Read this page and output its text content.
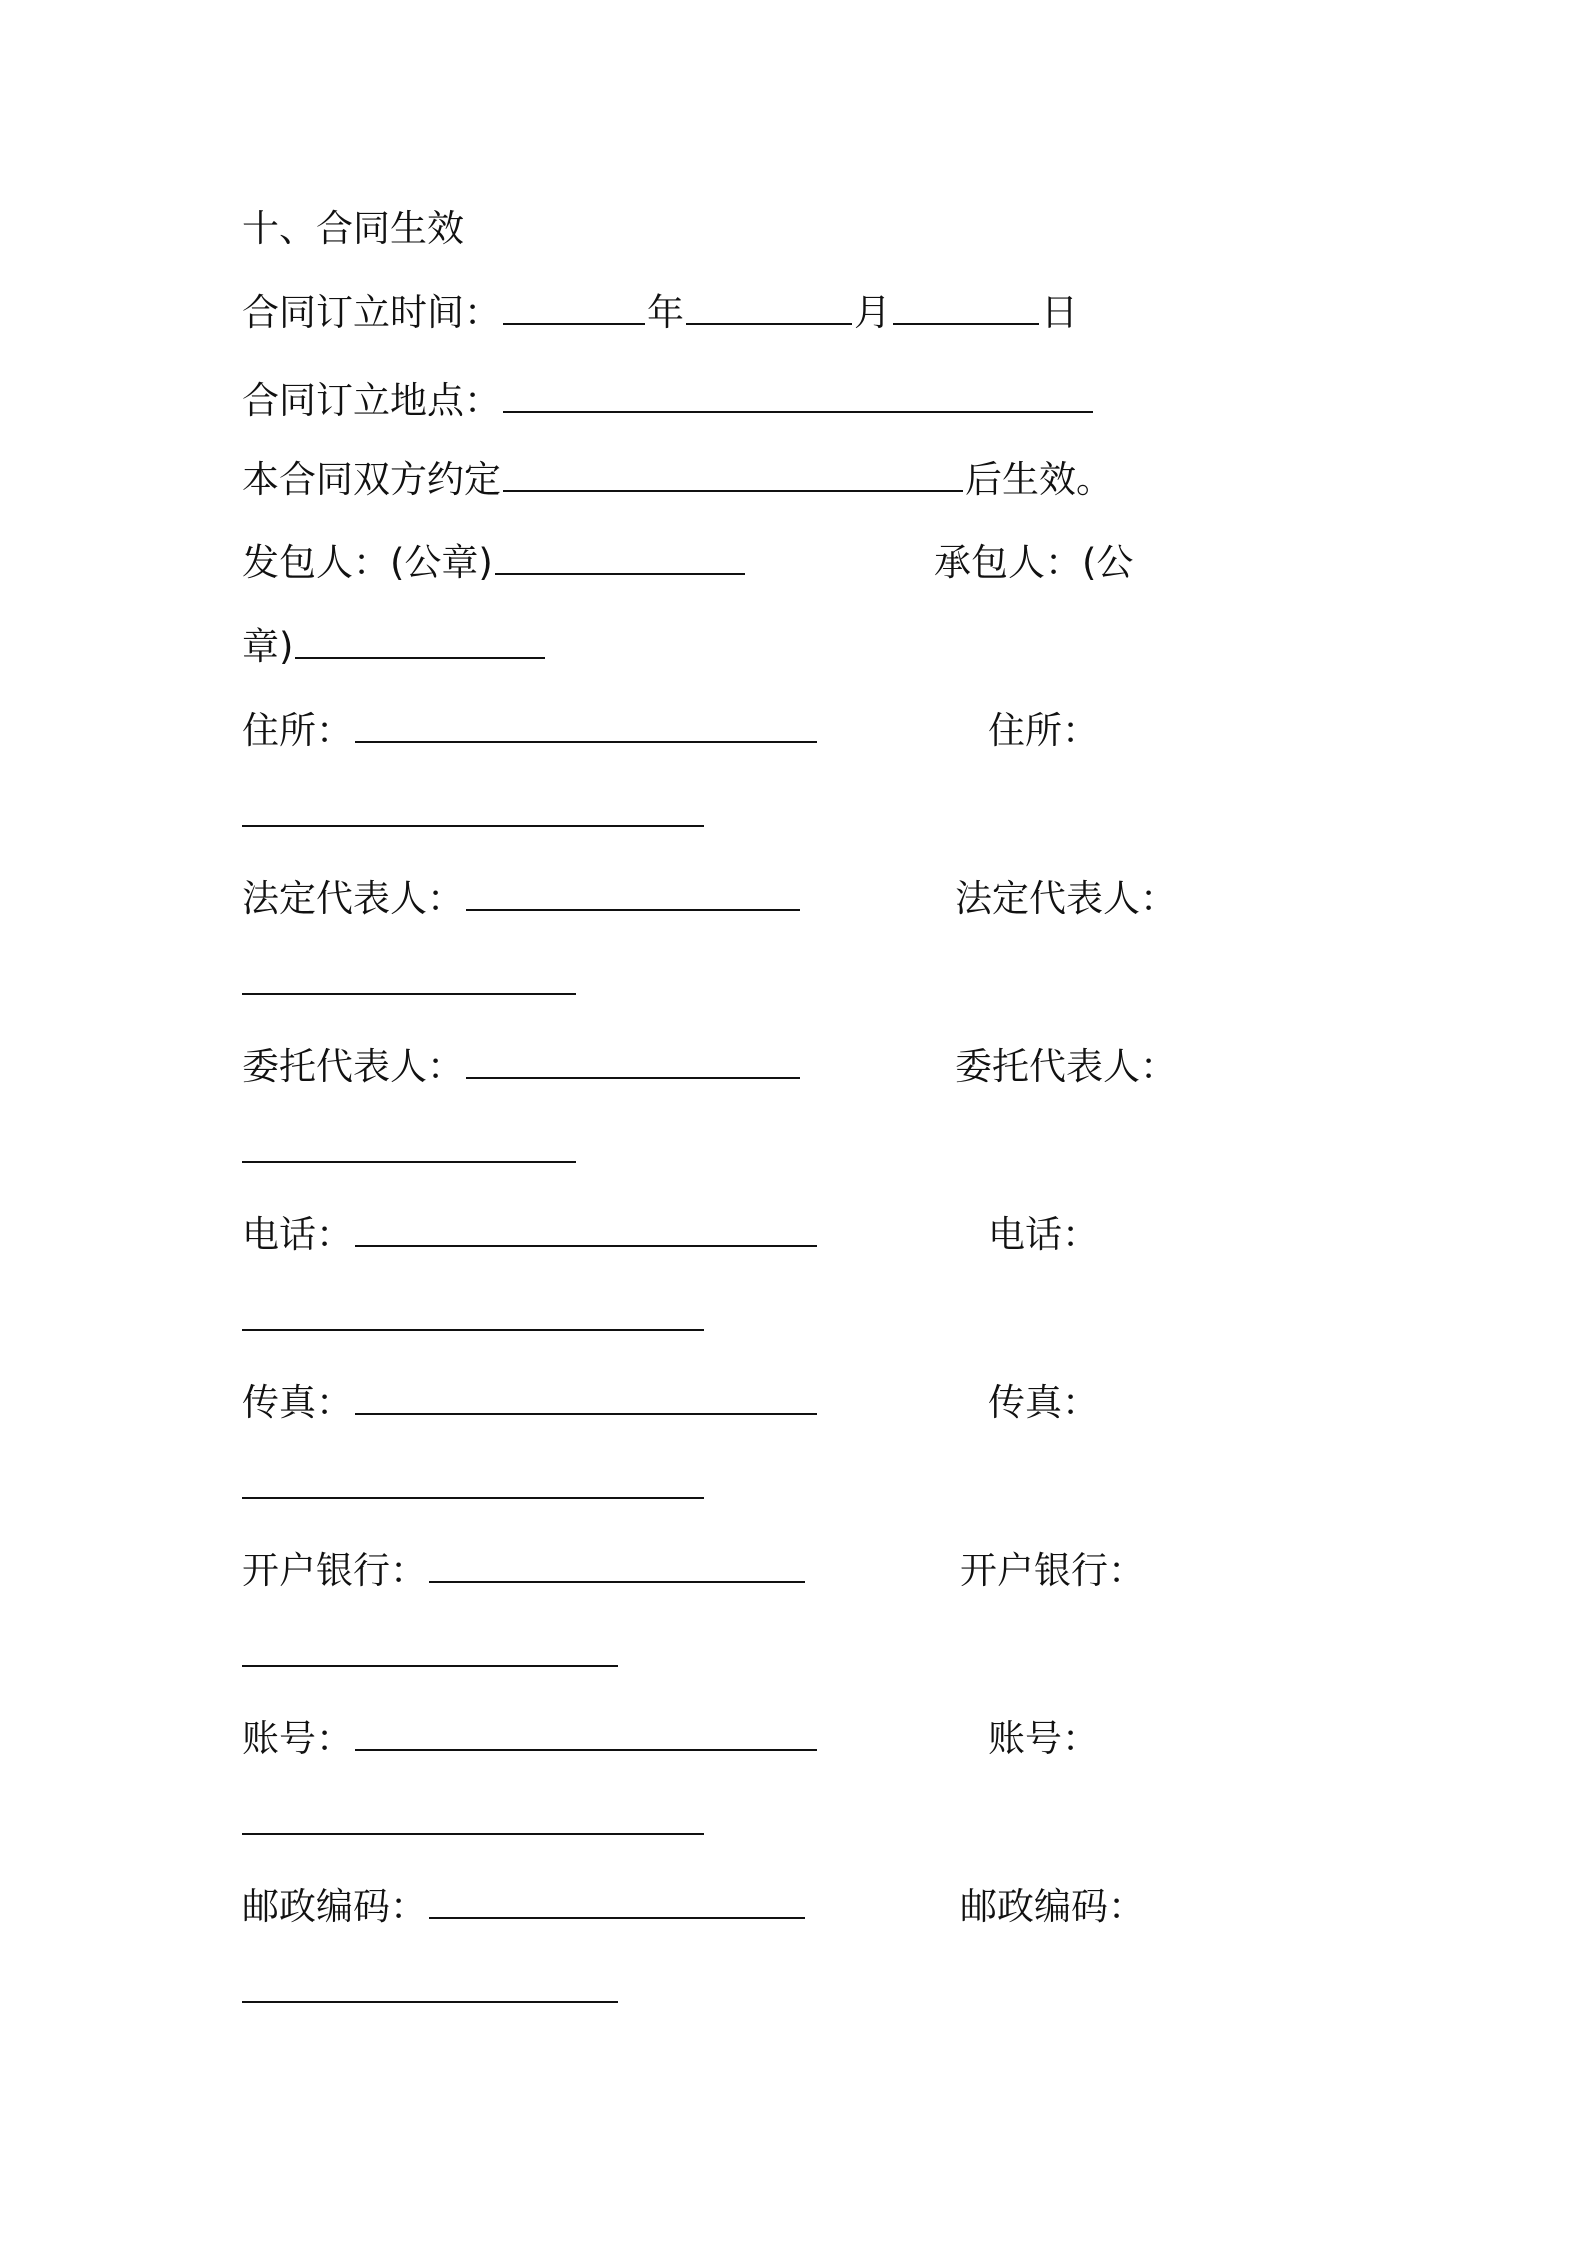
十、合同生效
合同订立时间：	年	月	日
合同订立地点：
本合同双方约定	后生效。
发包人：(公章)	承包人：(公
章)
住所：	住所：
法定代表人：	法定代表人：
委托代表人：	委托代表人：
电话：	电话：
传真：	传真：
开户银行：	开户银行：
账号：	账号：
邮政编码：	邮政编码：
